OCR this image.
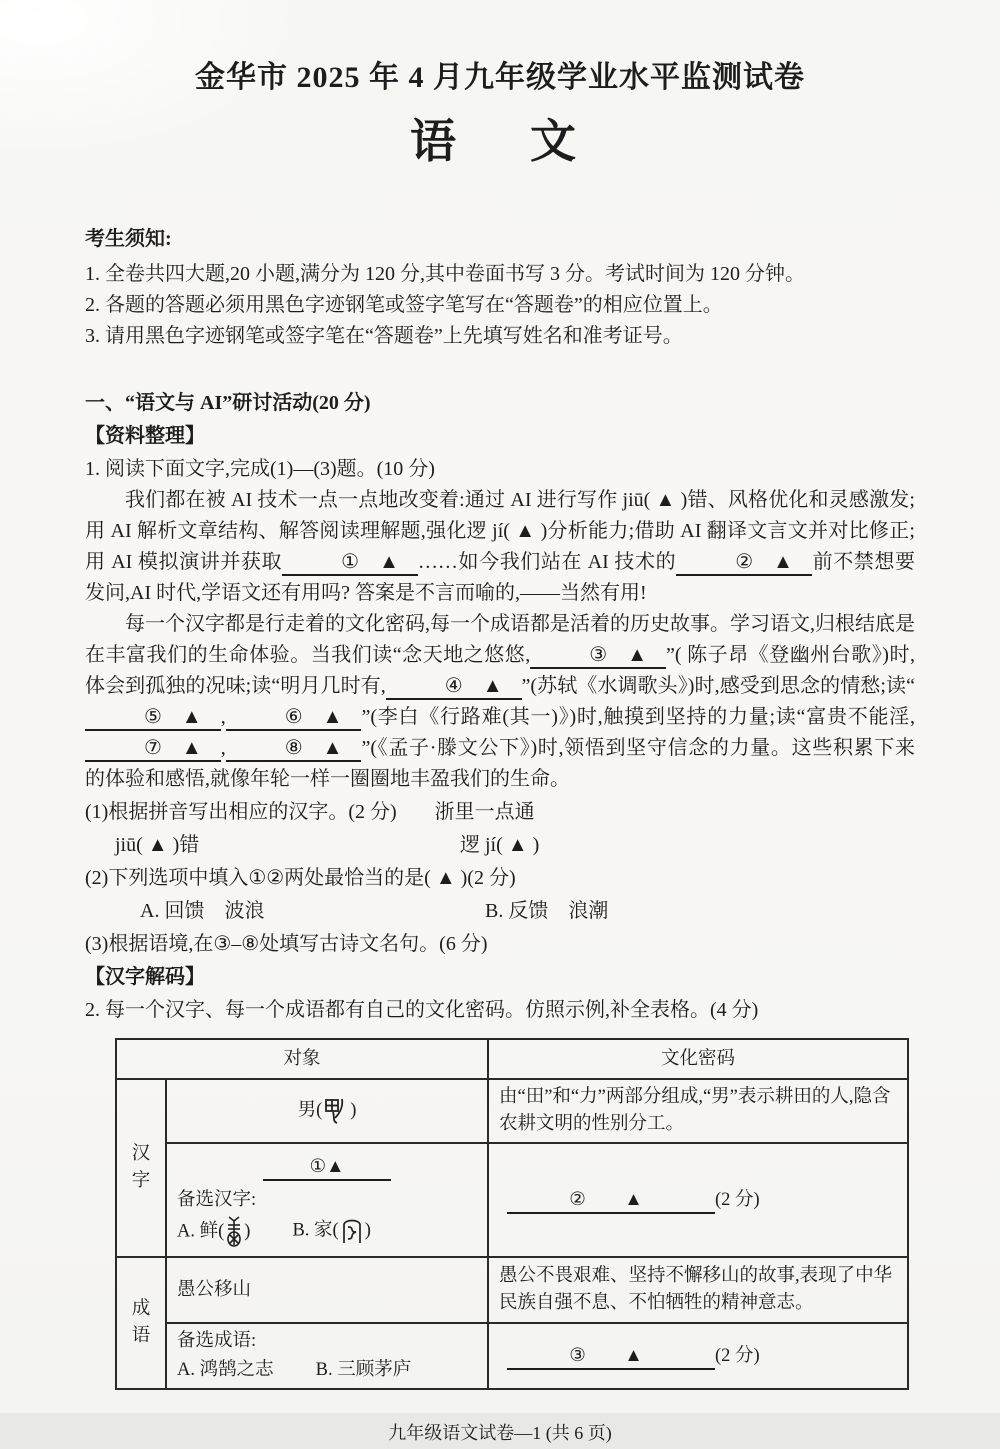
金华市 2025 年 4 月九年级学业水平监测试卷
语　文
考生须知:
1. 全卷共四大题,20 小题,满分为 120 分,其中卷面书写 3 分。考试时间为 120 分钟。
2. 各题的答题必须用黑色字迹钢笔或签字笔写在“答题卷”的相应位置上。
3. 请用黑色字迹钢笔或签字笔在“答题卷”上先填写姓名和准考证号。
一、“语文与 AI”研讨活动(20 分)
【资料整理】
1. 阅读下面文字,完成(1)—(3)题。(10 分)

我们都在被 AI 技术一点一点地改变着:通过 AI 进行写作 jiū( ▲ )错、风格优化和灵感激发;用 AI 解析文章结构、解答阅读理解题,强化逻 jí( ▲ )分析能力;借助 AI 翻译文言文并对比修正;用 AI 模拟演讲并获取	①　▲　……如今我们站在 AI 技术的	②　▲　前不禁想要发问,AI 时代,学语文还有用吗? 答案是不言而喻的,——当然有用!

每一个汉字都是行走着的文化密码,每一个成语都是活着的历史故事。学习语文,归根结底是在丰富我们的生命体验。当我们读“念天地之悠悠,	③　▲　”( 陈子昂《登幽州台歌》)时,体会到孤独的况味;读“明月几时有,	④　▲　”(苏轼《水调歌头》)时,感受到思念的情愁;读“⑤　▲　,	⑥　▲　”(李白《行路难(其一)》)时,触摸到坚持的力量;读“富贵不能淫,⑦　▲　,	⑧　▲　”(《孟子·滕文公下》)时,领悟到坚守信念的力量。这些积累下来的体验和感悟,就像年轮一样一圈圈地丰盈我们的生命。

(1)根据拼音写出相应的汉字。(2 分) 浙里一点通
jiū( ▲ )错	逻 jí( ▲ )
(2)下列选项中填入①②两处最恰当的是( ▲ )(2 分)
A. 回馈　波浪	B. 反馈　浪潮
(3)根据语境,在③–⑧处填写古诗文名句。(6 分)
【汉字解码】
2. 每一个汉字、每一个成语都有自己的文化密码。仿照示例,补全表格。(4 分)
对象		文化密码
汉字	男( )	由“田”和“力”两部分组成,“男”表示耕田的人,隐含农耕文明的性别分工。

	①▲
备选汉字:
A. 鲜( ) B. 家( )	②　▲ (2 分)

成语	愚公移山	愚公不畏艰难、坚持不懈移山的故事,表现了中华民族自强不息、不怕牺牲的精神意志。

	备选成语:
A. 鸿鹄之志 B. 三顾茅庐	③　▲ (2 分)
九年级语文试卷—1 (共 6 页)
